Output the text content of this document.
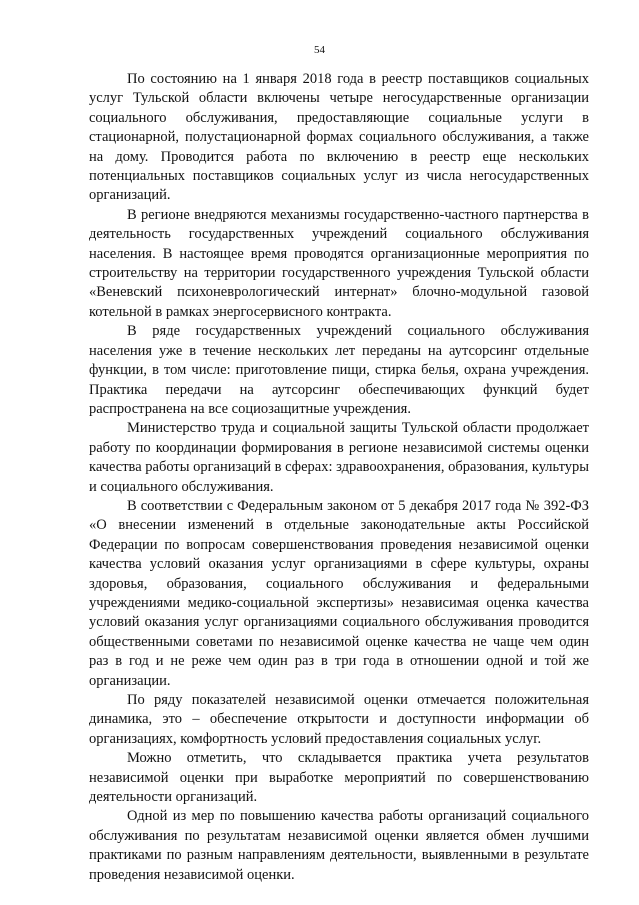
54

По состоянию на 1 января 2018 года в реестр поставщиков социальных услуг Тульской области включены четыре негосударственные организации социального обслуживания, предоставляющие социальные услуги в стационарной, полустационарной формах социального обслуживания, а также на дому. Проводится работа по включению в реестр еще нескольких потенциальных поставщиков социальных услуг из числа негосударственных организаций.

В регионе внедряются механизмы государственно-частного партнерства в деятельность государственных учреждений социального обслуживания населения. В настоящее время проводятся организационные мероприятия по строительству на территории государственного учреждения Тульской области «Веневский психоневрологический интернат» блочно-модульной газовой котельной в рамках энергосервисного контракта.

В ряде государственных учреждений социального обслуживания населения уже в течение нескольких лет переданы на аутсорсинг отдельные функции, в том числе: приготовление пищи, стирка белья, охрана учреждения. Практика передачи на аутсорсинг обеспечивающих функций будет распространена на все социозащитные учреждения.

Министерство труда и социальной защиты Тульской области продолжает работу по координации формирования в регионе независимой системы оценки качества работы организаций в сферах: здравоохранения, образования, культуры и социального обслуживания.

В соответствии с Федеральным законом от 5 декабря 2017 года № 392-ФЗ «О внесении изменений в отдельные законодательные акты Российской Федерации по вопросам совершенствования проведения независимой оценки качества условий оказания услуг организациями в сфере культуры, охраны здоровья, образования, социального обслуживания и федеральными учреждениями медико-социальной экспертизы» независимая оценка качества условий оказания услуг организациями социального обслуживания проводится общественными советами по независимой оценке качества не чаще чем один раз в год и не реже чем один раз в три года в отношении одной и той же организации.

По ряду показателей независимой оценки отмечается положительная динамика, это – обеспечение открытости и доступности информации об организациях, комфортность условий предоставления социальных услуг.

Можно отметить, что складывается практика учета результатов независимой оценки при выработке мероприятий по совершенствованию деятельности организаций.

Одной из мер по повышению качества работы организаций социального обслуживания по результатам независимой оценки является обмен лучшими практиками по разным направлениям деятельности, выявленными в результате проведения независимой оценки.
